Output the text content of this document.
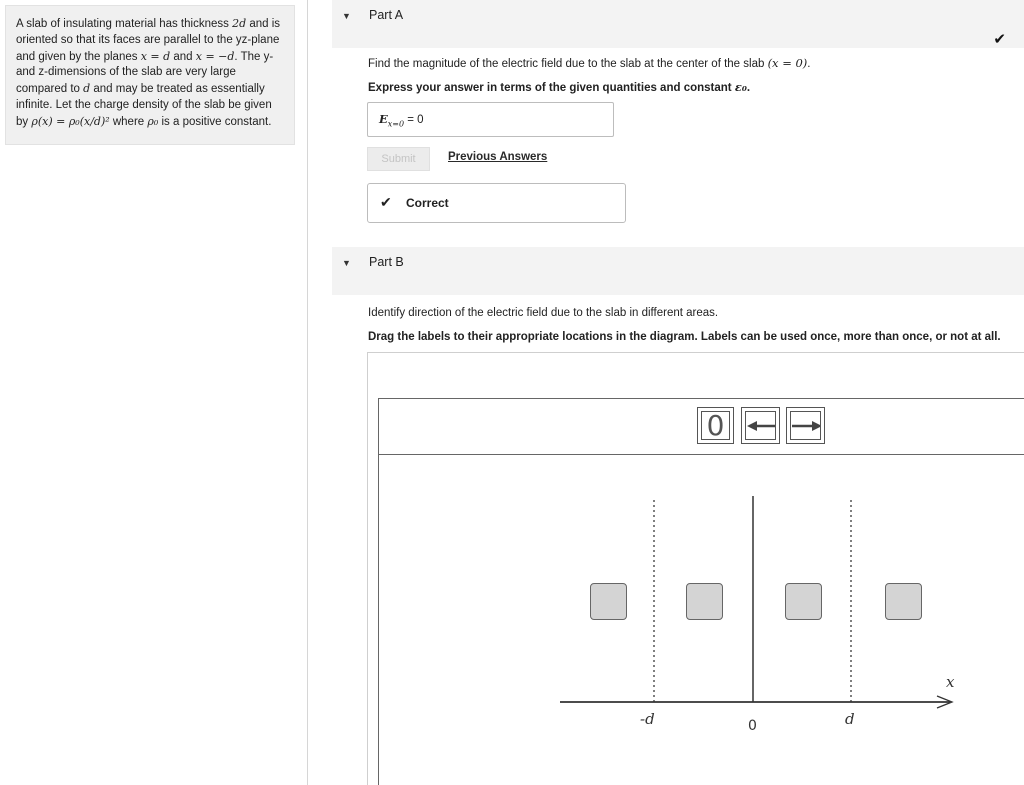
A slab of insulating material has thickness 2d and is oriented so that its faces are parallel to the yz-plane and given by the planes x = d and x = −d. The y- and z-dimensions of the slab are very large compared to d and may be treated as essentially infinite. Let the charge density of the slab be given by ρ(x) = ρ₀(x/d)² where ρ₀ is a positive constant.
▼ Part A
✔
Find the magnitude of the electric field due to the slab at the center of the slab (x = 0).
Express your answer in terms of the given quantities and constant ε₀.
$E_{x=0} = 0$
Submit	Previous Answers
✔ Correct
▼ Part B
Identify direction of the electric field due to the slab in different areas.
Drag the labels to their appropriate locations in the diagram. Labels can be used once, more than once, or not at all.
0
x
-d	0	d
